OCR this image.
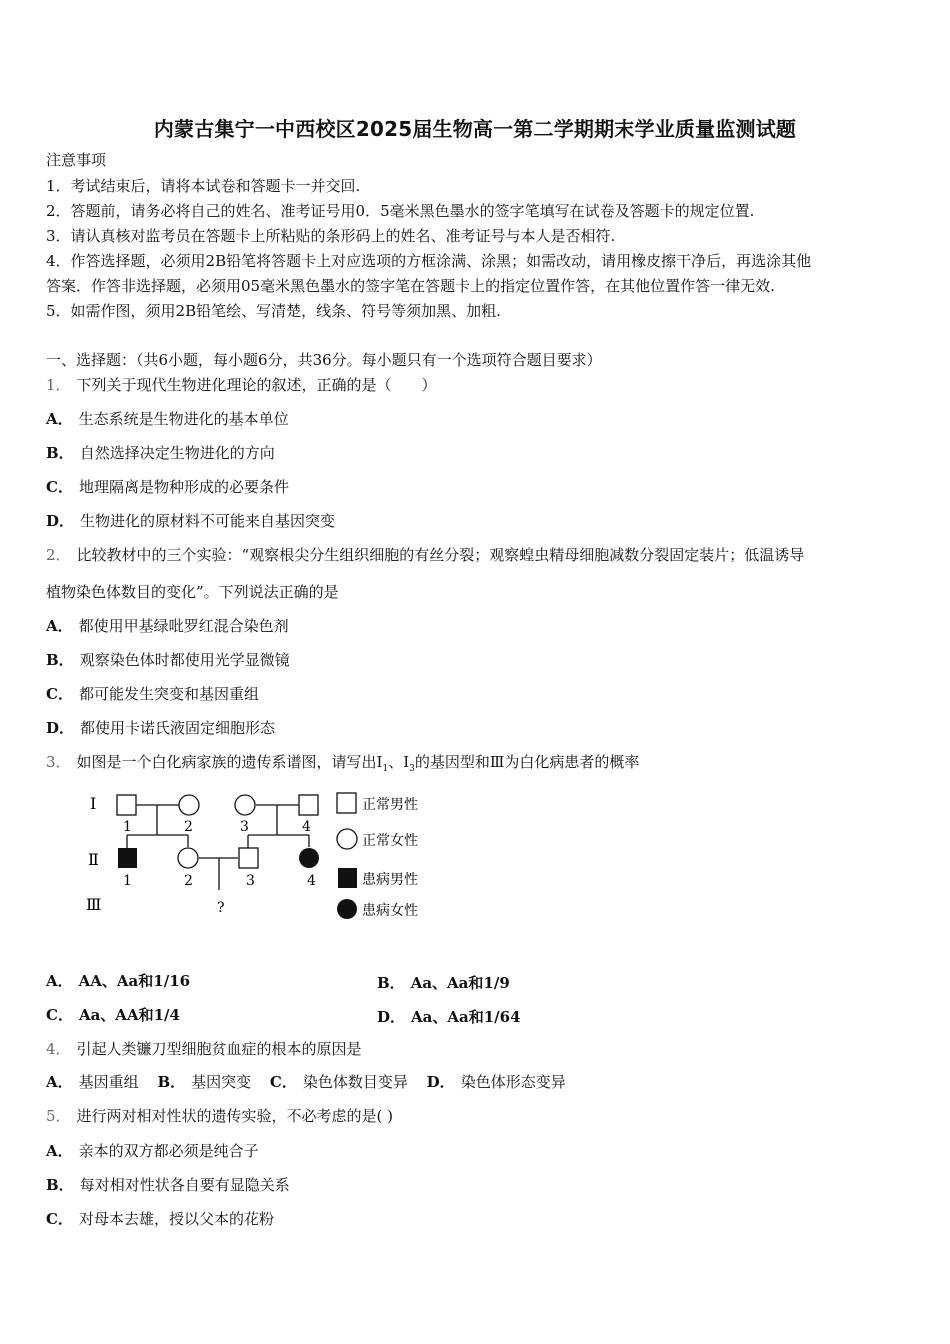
内蒙古集宁一中西校区2025届生物高一第二学期期末学业质量监测试题
注意事项
1．考试结束后，请将本试卷和答题卡一并交回.
2．答题前，请务必将自己的姓名、准考证号用0．5毫米黑色墨水的签字笔填写在试卷及答题卡的规定位置.
3．请认真核对监考员在答题卡上所粘贴的条形码上的姓名、准考证号与本人是否相符.
4．作答选择题，必须用2B铅笔将答题卡上对应选项的方框涂满、涂黑；如需改动，请用橡皮擦干净后，再选涂其他
答案．作答非选择题，必须用05毫米黑色墨水的签字笔在答题卡上的指定位置作答，在其他位置作答一律无效.
5．如需作图，须用2B铅笔绘、写清楚，线条、符号等须加黑、加粗.
一、选择题：（共6小题，每小题6分，共36分。每小题只有一个选项符合题目要求）
1． 下列关于现代生物进化理论的叙述，正确的是（　　）
A． 生态系统是生物进化的基本单位
B． 自然选择决定生物进化的方向
C． 地理隔离是物种形成的必要条件
D． 生物进化的原材料不可能来自基因突变
2． 比较教材中的三个实验：“观察根尖分生组织细胞的有丝分裂；观察蝗虫精母细胞减数分裂固定装片；低温诱导
植物染色体数目的变化”。下列说法正确的是
A． 都使用甲基绿吡罗红混合染色剂
B． 观察染色体时都使用光学显微镜
C． 都可能发生突变和基因重组
D． 都使用卡诺氏液固定细胞形态
3． 如图是一个白化病家族的遗传系谱图，请写出$Ⅰ_1$、$Ⅰ_3$的基因型和Ⅲ为白化病患者的概率
Ⅰ
Ⅱ
Ⅲ
1	2	3	4
1	2	3	4
?
正常男性
正常女性
患病男性
患病女性
A． AA、Aa和1/16	B． Aa、Aa和1/9
C． Aa、AA和1/4	D． Aa、Aa和1/64
4． 引起人类镰刀型细胞贫血症的根本的原因是
A． 基因重组 B． 基因突变 C． 染色体数目变异 D． 染色体形态变异
5． 进行两对相对性状的遗传实验，不必考虑的是( )
A． 亲本的双方都必须是纯合子
B． 每对相对性状各自要有显隐关系
C． 对母本去雄，授以父本的花粉
